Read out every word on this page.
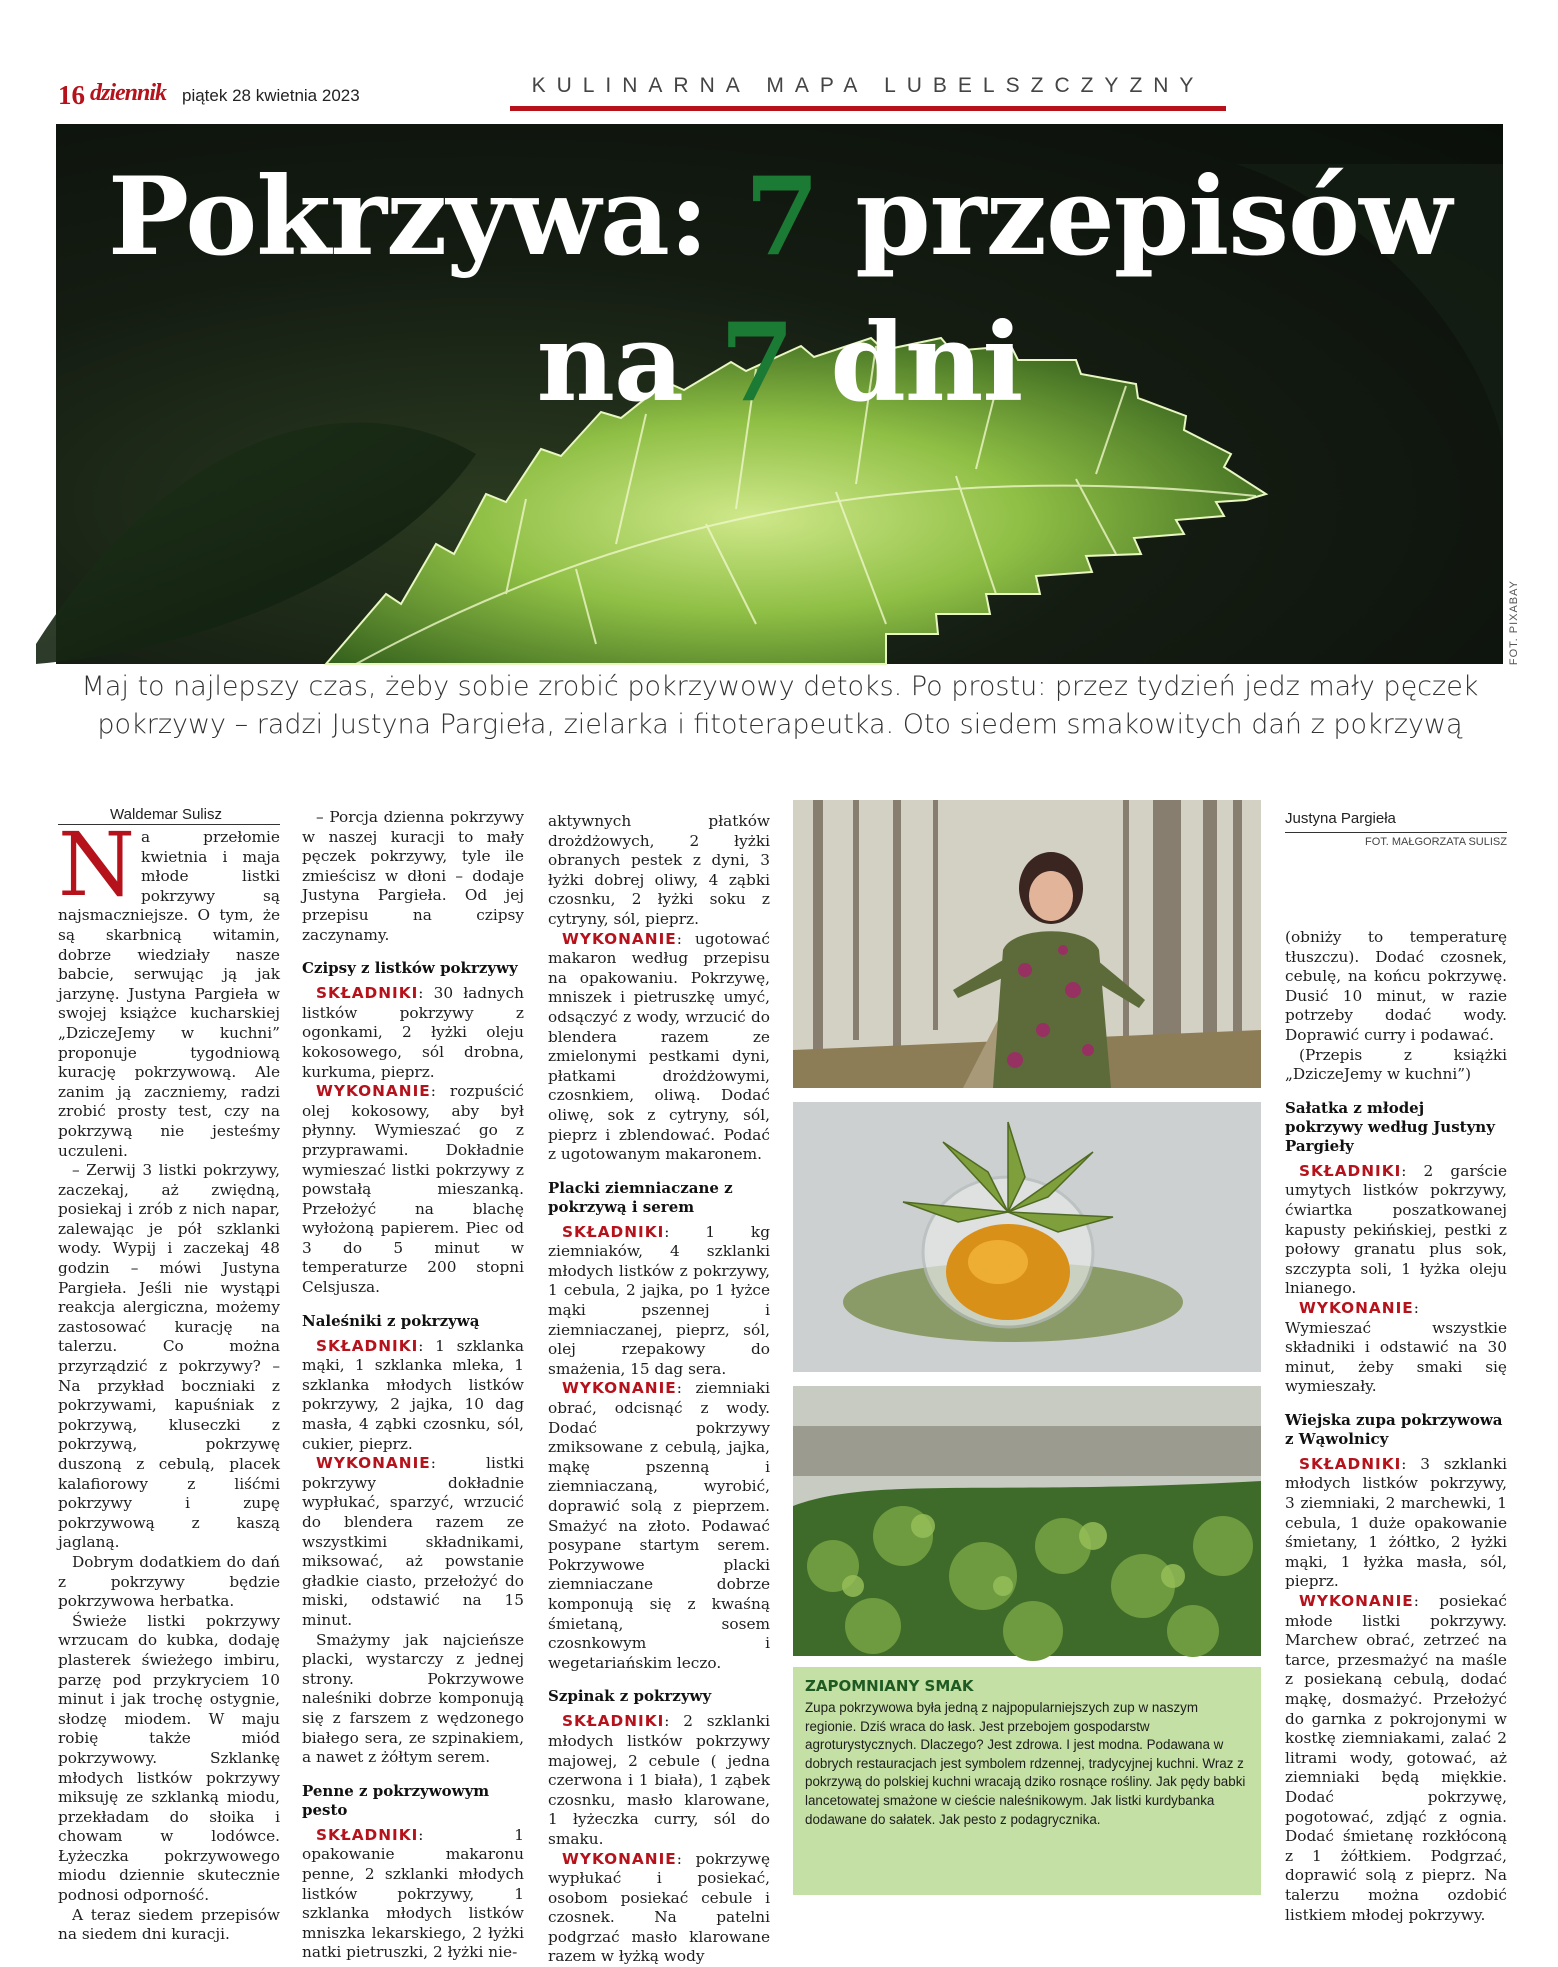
16 dziennik piątek 28 kwietnia 2023	KULINARNA MAPA LUBELSZCZYZNY
Pokrzywa: 7 przepisów
na 7 dni
FOT. PIXABAY
Maj to najlepszy czas, żeby sobie zrobić pokrzywowy detoks. Po prostu: przez tydzień jedz mały pęczek pokrzywy – radzi Justyna Pargieła, zielarka i fitoterapeutka. Oto siedem smakowitych dań z pokrzywą
Waldemar Sulisz

Na przełomie kwietnia i maja młode listki pokrzywy są najsmaczniejsze. O tym, że są skarbnicą witamin, dobrze wiedziały nasze babcie, serwując ją jak jarzynę. Justyna Pargieła w swojej książce kucharskiej „DziczeJemy w kuchni” proponuje tygodniową kurację pokrzywową. Ale zanim ją zaczniemy, radzi zrobić prosty test, czy na pokrzywą nie jesteśmy uczuleni.

– Zerwij 3 listki pokrzywy, zaczekaj, aż zwiędną, posiekaj i zrób z nich napar, zalewając je pół szklanki wody. Wypij i zaczekaj 48 godzin – mówi Justyna Pargieła. Jeśli nie wystąpi reakcja alergiczna, możemy zastosować kurację na talerzu. Co można przyrządzić z pokrzywy? – Na przykład boczniaki z pokrzywami, kapuśniak z pokrzywą, kluseczki z pokrzywą, pokrzywę duszoną z cebulą, placek kalafiorowy z liśćmi pokrzywy i zupę pokrzywową z kaszą jaglaną.

Dobrym dodatkiem do dań z pokrzywy będzie pokrzywowa herbatka.

Świeże listki pokrzywy wrzucam do kubka, dodaję plasterek świeżego imbiru, parzę pod przykryciem 10 minut i jak trochę ostygnie, słodzę miodem. W maju robię także miód pokrzywowy. Szklankę młodych listków pokrzywy miksuję ze szklanką miodu, przekładam do słoika i chowam w lodówce. Łyżeczka pokrzywowego miodu dziennie skutecznie podnosi odporność.

A teraz siedem przepisów na siedem dni kuracji.

– Porcja dzienna pokrzywy w naszej kuracji to mały pęczek pokrzywy, tyle ile zmieścisz w dłoni – dodaje Justyna Pargieła. Od jej przepisu na czipsy zaczynamy.

Czipsy z listków pokrzywy

SKŁADNIKI: 30 ładnych listków pokrzywy z ogonkami, 2 łyżki oleju kokosowego, sól drobna, kurkuma, pieprz.

WYKONANIE: rozpuścić olej kokosowy, aby był płynny. Wymieszać go z przyprawami. Dokładnie wymieszać listki pokrzywy z powstałą mieszanką. Przełożyć na blachę wyłożoną papierem. Piec od 3 do 5 minut w temperaturze 200 stopni Celsjusza.

Naleśniki z pokrzywą

SKŁADNIKI: 1 szklanka mąki, 1 szklanka mleka, 1 szklanka młodych listków pokrzywy, 2 jajka, 10 dag masła, 4 ząbki czosnku, sól, cukier, pieprz.

WYKONANIE: listki pokrzywy dokładnie wypłukać, sparzyć, wrzucić do blendera razem ze wszystkimi składnikami, miksować, aż powstanie gładkie ciasto, przełożyć do miski, odstawić na 15 minut.

Smażymy jak najcieńsze placki, wystarczy z jednej strony. Pokrzywowe naleśniki dobrze komponują się z farszem z wędzonego białego sera, ze szpinakiem, a nawet z żółtym serem.

Penne z pokrzywowym pesto

SKŁADNIKI: 1 opakowanie makaronu penne, 2 szklanki młodych listków pokrzywy, 1 szklanka młodych listków mniszka lekarskiego, 2 łyżki natki pietruszki, 2 łyżki nie-

aktywnych płatków drożdżowych, 2 łyżki obranych pestek z dyni, 3 łyżki dobrej oliwy, 4 ząbki czosnku, 2 łyżki soku z cytryny, sól, pieprz.

WYKONANIE: ugotować makaron według przepisu na opakowaniu. Pokrzywę, mniszek i pietruszkę umyć, odsączyć z wody, wrzucić do blendera razem ze zmielonymi pestkami dyni, płatkami drożdżowymi, czosnkiem, oliwą. Dodać oliwę, sok z cytryny, sól, pieprz i zblendować. Podać z ugotowanym makaronem.

Placki ziemniaczane z pokrzywą i serem

SKŁADNIKI: 1 kg ziemniaków, 4 szklanki młodych listków z pokrzywy, 1 cebula, 2 jajka, po 1 łyżce mąki pszennej i ziemniaczanej, pieprz, sól, olej rzepakowy do smażenia, 15 dag sera.

WYKONANIE: ziemniaki obrać, odcisnąć z wody. Dodać pokrzywy zmiksowane z cebulą, jajka, mąkę pszenną i ziemniaczaną, wyrobić, doprawić solą z pieprzem. Smażyć na złoto. Podawać posypane startym serem. Pokrzywowe placki ziemniaczane dobrze komponują się z kwaśną śmietaną, sosem czosnkowym i wegetariańskim leczo.

Szpinak z pokrzywy

SKŁADNIKI: 2 szklanki młodych listków pokrzywy majowej, 2 cebule ( jedna czerwona i 1 biała), 1 ząbek czosnku, masło klarowane, 1 łyżeczka curry, sól do smaku.

WYKONANIE: pokrzywę wypłukać i posiekać, osobom posiekać cebule i czosnek. Na patelni podgrzać masło klarowane razem w łyżką wody

Justyna Pargieła
FOT. MAŁGORZATA SULISZ
ZAPOMNIANY SMAK

Zupa pokrzywowa była jedną z najpopularniejszych zup w naszym regionie. Dziś wraca do łask. Jest przebojem gospodarstw agroturystycznych. Dlaczego? Jest zdrowa. I jest modna. Podawana w dobrych restauracjach jest symbolem rdzennej, tradycyjnej kuchni. Wraz z pokrzywą do polskiej kuchni wracają dziko rosnące rośliny. Jak pędy babki lancetowatej smażone w cieście naleśnikowym. Jak listki kurdybanka dodawane do sałatek. Jak pesto z podagrycznika.

(obniży to temperaturę tłuszczu). Dodać czosnek, cebulę, na końcu pokrzywę. Dusić 10 minut, w razie potrzeby dodać wody. Doprawić curry i podawać.

(Przepis z książki „DziczeJemy w kuchni”)

Sałatka z młodej pokrzywy według Justyny Pargieły

SKŁADNIKI: 2 garście umytych listków pokrzywy, ćwiartka poszatkowanej kapusty pekińskiej, pestki z połowy granatu plus sok, szczypta soli, 1 łyżka oleju lnianego.

WYKONANIE: Wymieszać wszystkie składniki i odstawić na 30 minut, żeby smaki się wymieszały.

Wiejska zupa pokrzywowa z Wąwolnicy

SKŁADNIKI: 3 szklanki młodych listków pokrzywy, 3 ziemniaki, 2 marchewki, 1 cebula, 1 duże opakowanie śmietany, 1 żółtko, 2 łyżki mąki, 1 łyżka masła, sól, pieprz.

WYKONANIE: posiekać młode listki pokrzywy. Marchew obrać, zetrzeć na tarce, przesmażyć na maśle z posiekaną cebulą, dodać mąkę, dosmażyć. Przełożyć do garnka z pokrojonymi w kostkę ziemniakami, zalać 2 litrami wody, gotować, aż ziemniaki będą miękkie. Dodać pokrzywę, pogotować, zdjąć z ognia. Dodać śmietanę rozkłóconą z 1 żółtkiem. Podgrzać, doprawić solą z pieprz. Na talerzu można ozdobić listkiem młodej pokrzywy.
